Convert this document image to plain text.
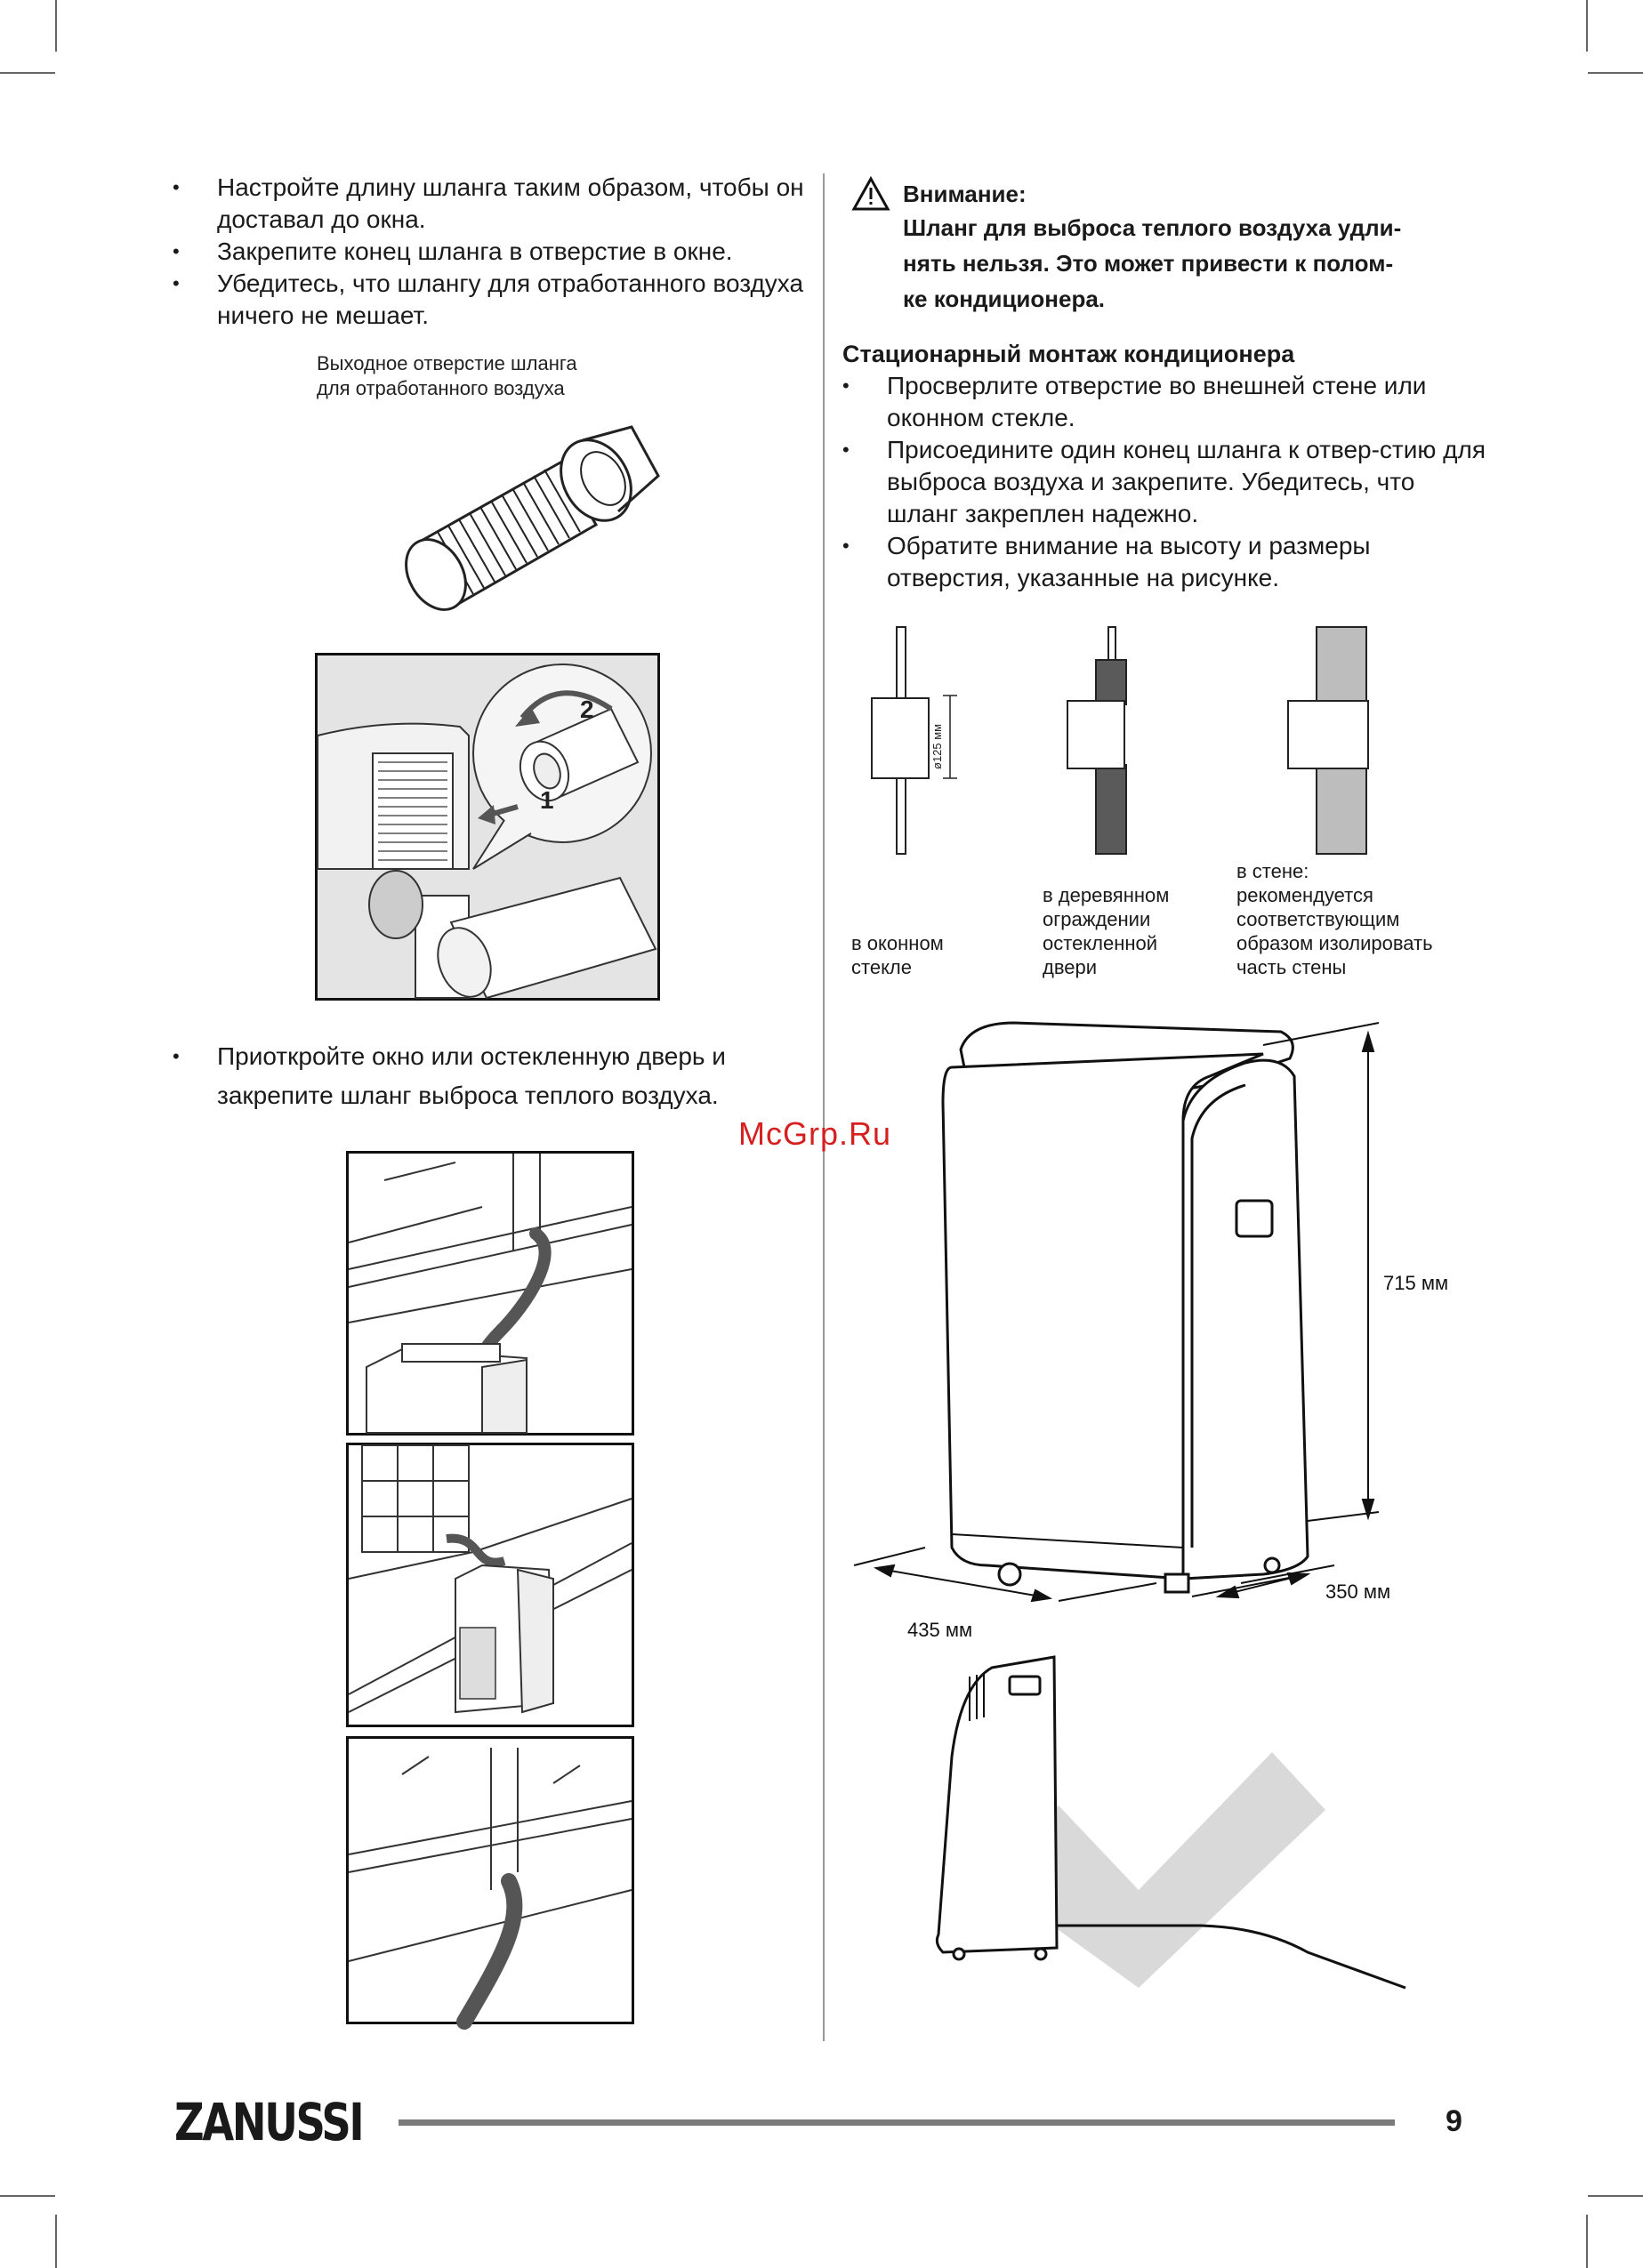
• Настройте длину шланга таким образом, чтобы он доставал до окна.
• Закрепите конец шланга в отверстие в окне.
• Убедитесь, что шлангу для отработанного воздуха ничего не мешает.
Выходное отверстие шланга
для отработанного воздуха
2
1
• Приоткройте окно или остекленную дверь и закрепите шланг выброса теплого воздуха.
McGrp.Ru
Внимание:
Шланг для выброса теплого воздуха удли-
нять нельзя. Это может привести к полом-
ке кондиционера.
Стационарный монтаж кондиционера
• Просверлите отверстие во внешней стене или оконном стекле.
• Присоедините один конец шланга к отвер-стию для выброса воздуха и закрепите. Убедитесь, что шланг закреплен надежно.
• Обратите внимание на высоту и размеры отверстия, указанные на рисунке.
ø125 мм
в оконном
стекле
в деревянном
ограждении
остекленной
двери
в стене:
рекомендуется
соответствующим
образом изолировать
часть стены
715 мм
435 мм
350 мм
ZANUSSI	9
